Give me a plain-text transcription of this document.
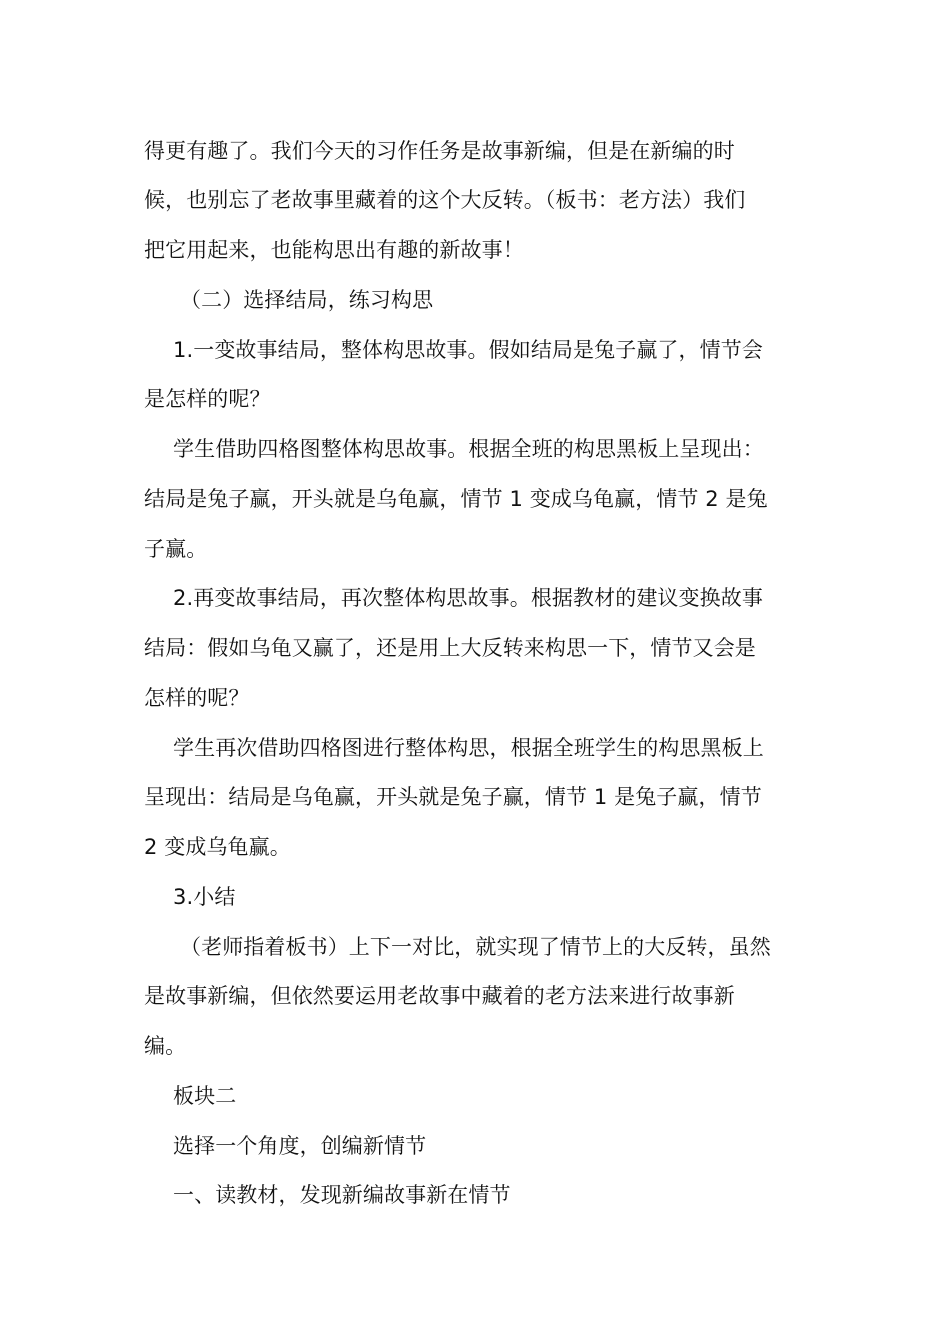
得更有趣了。我们今天的习作任务是故事新编，但是在新编的时
候，也别忘了老故事里藏着的这个大反转。（板书：老方法）我们
把它用起来，也能构思出有趣的新故事！
（二）选择结局，练习构思
1.一变故事结局，整体构思故事。假如结局是兔子赢了，情节会
是怎样的呢？
学生借助四格图整体构思故事。根据全班的构思黑板上呈现出：
结局是兔子赢，开头就是乌龟赢，情节 1 变成乌龟赢，情节 2 是兔
子赢。
2.再变故事结局，再次整体构思故事。根据教材的建议变换故事
结局：假如乌龟又赢了，还是用上大反转来构思一下，情节又会是
怎样的呢？
学生再次借助四格图进行整体构思，根据全班学生的构思黑板上
呈现出：结局是乌龟赢，开头就是兔子赢，情节 1 是兔子赢，情节
2 变成乌龟赢。
3.小结
（老师指着板书）上下一对比，就实现了情节上的大反转，虽然
是故事新编，但依然要运用老故事中藏着的老方法来进行故事新
编。
板块二
选择一个角度，创编新情节
一、读教材，发现新编故事新在情节
